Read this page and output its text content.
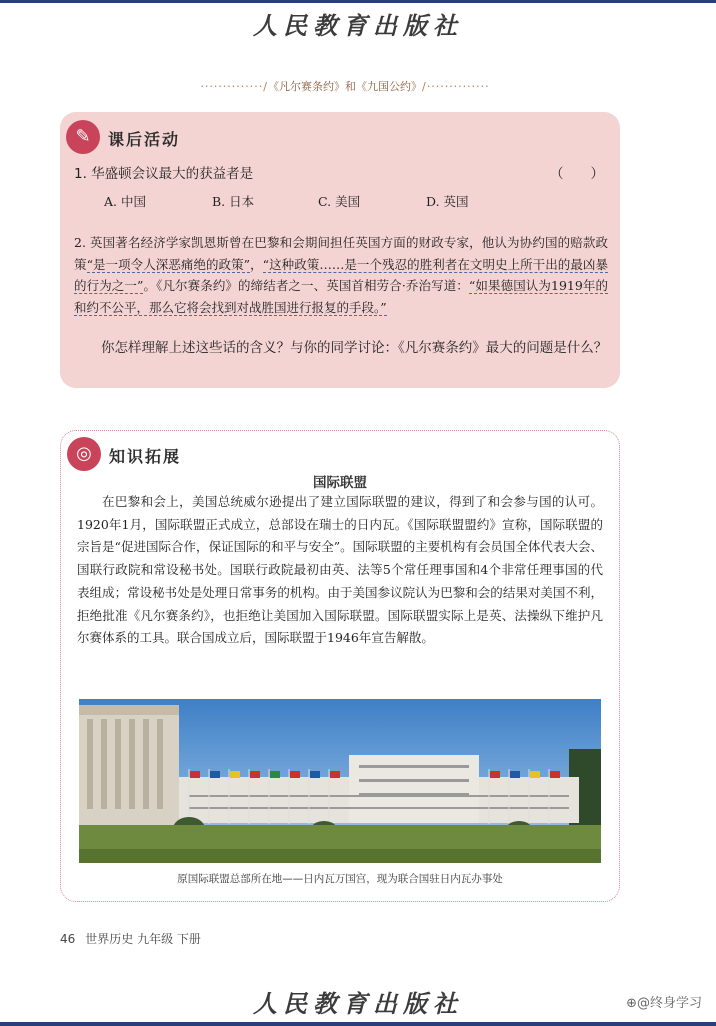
人民教育出版社
··············/《凡尔赛条约》和《九国公约》/··············
✎	课后活动
1. 华盛顿会议最大的获益者是	（　　）
A. 中国	B. 日本	C. 美国	D. 英国
2. 英国著名经济学家凯恩斯曾在巴黎和会期间担任英国方面的财政专家，他认为协约国的赔款政策“是一项令人深恶痛绝的政策”，“这种政策……是一个残忍的胜利者在文明史上所干出的最凶暴的行为之一”。《凡尔赛条约》的缔结者之一、英国首相劳合·乔治写道：“如果德国认为1919年的和约不公平，那么它将会找到对战胜国进行报复的手段。”
你怎样理解上述这些话的含义？与你的同学讨论：《凡尔赛条约》最大的问题是什么？
◎	知识拓展
国际联盟
在巴黎和会上，美国总统威尔逊提出了建立国际联盟的建议，得到了和会参与国的认可。1920年1月，国际联盟正式成立，总部设在瑞士的日内瓦。《国际联盟盟约》宣称，国际联盟的宗旨是“促进国际合作，保证国际的和平与安全”。国际联盟的主要机构有会员国全体代表大会、国联行政院和常设秘书处。国联行政院最初由英、法等5个常任理事国和4个非常任理事国的代表组成；常设秘书处是处理日常事务的机构。由于美国参议院认为巴黎和会的结果对美国不利，拒绝批准《凡尔赛条约》，也拒绝让美国加入国际联盟。国际联盟实际上是英、法操纵下维护凡尔赛体系的工具。联合国成立后，国际联盟于1946年宣告解散。
原国际联盟总部所在地——日内瓦万国宫，现为联合国驻日内瓦办事处
46 世界历史 九年级 下册
人民教育出版社	⊕@终身学习
